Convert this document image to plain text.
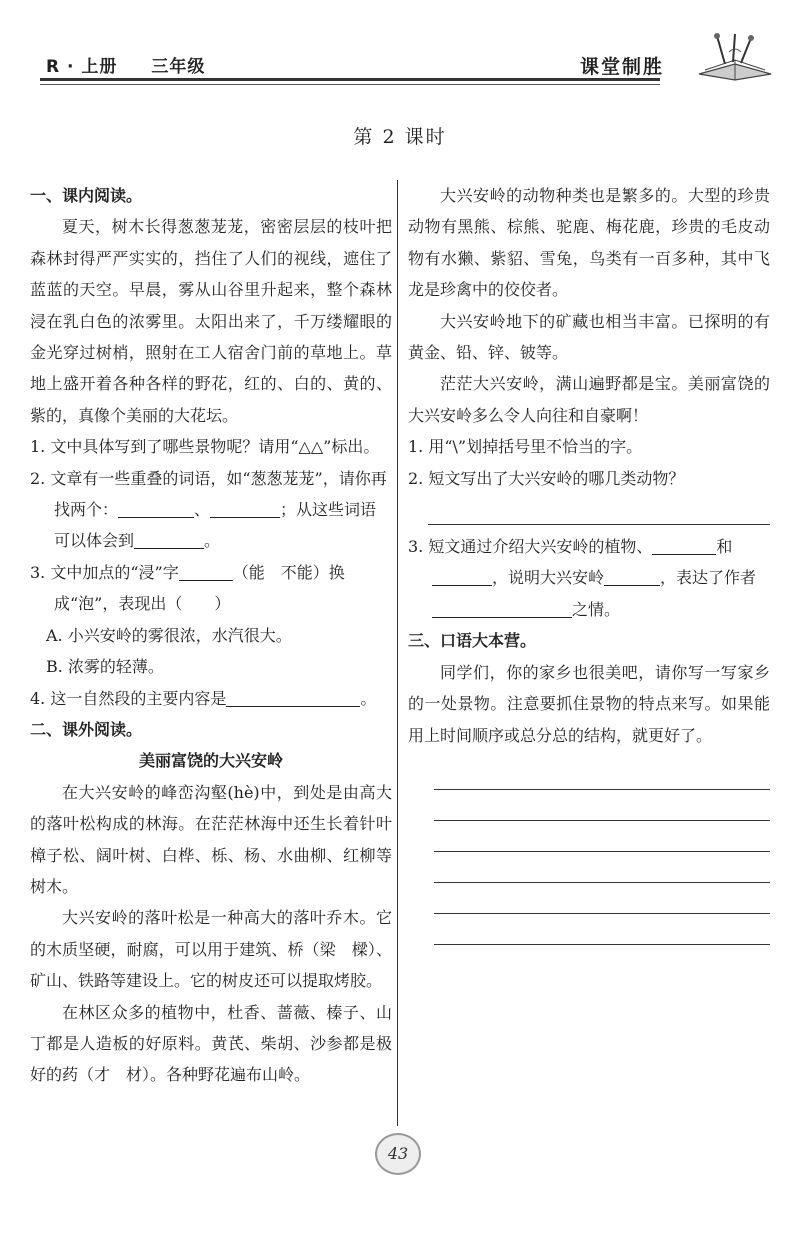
R · 上册 三年级	课堂制胜
第 2 课时

一、课内阅读。

夏天，树木长得葱葱茏茏，密密层层的枝叶把森林封得严严实实的，挡住了人们的视线，遮住了蓝蓝的天空。早晨，雾从山谷里升起来，整个森林浸在乳白色的浓雾里。太阳出来了，千万缕耀眼的金光穿过树梢，照射在工人宿舍门前的草地上。草地上盛开着各种各样的野花，红的、白的、黄的、紫的，真像个美丽的大花坛。

1. 文中具体写到了哪些景物呢？请用“△△”标出。

2. 文章有一些重叠的词语，如“葱葱茏茏”，请你再找两个：	、	；从这些词语可以体会到	。

3. 文中加点的“浸”字	（能　不能）换成“泡”，表现出（　　）

A. 小兴安岭的雾很浓，水汽很大。

B. 浓雾的轻薄。

4. 这一自然段的主要内容是	。

二、课外阅读。

美丽富饶的大兴安岭

在大兴安岭的峰峦沟壑(hè)中，到处是由高大的落叶松构成的林海。在茫茫林海中还生长着针叶樟子松、阔叶树、白桦、栎、杨、水曲柳、红柳等树木。

大兴安岭的落叶松是一种高大的落叶乔木。它的木质坚硬，耐腐，可以用于建筑、桥（梁　樑）、矿山、铁路等建设上。它的树皮还可以提取烤胶。

在林区众多的植物中，杜香、蔷薇、榛子、山丁都是人造板的好原料。黄芪、柴胡、沙参都是极好的药（才　材）。各种野花遍布山岭。

大兴安岭的动物种类也是繁多的。大型的珍贵动物有黑熊、棕熊、驼鹿、梅花鹿，珍贵的毛皮动物有水獭、紫貂、雪兔，鸟类有一百多种，其中飞龙是珍禽中的佼佼者。

大兴安岭地下的矿藏也相当丰富。已探明的有黄金、铅、锌、铍等。

茫茫大兴安岭，满山遍野都是宝。美丽富饶的大兴安岭多么令人向往和自豪啊！

1. 用“\”划掉括号里不恰当的字。

2. 短文写出了大兴安岭的哪几类动物？

3. 短文通过介绍大兴安岭的植物、	和，说明大兴安岭	，表达了作者之情。

三、口语大本营。

同学们，你的家乡也很美吧，请你写一写家乡的一处景物。注意要抓住景物的特点来写。如果能用上时间顺序或总分总的结构，就更好了。

43
